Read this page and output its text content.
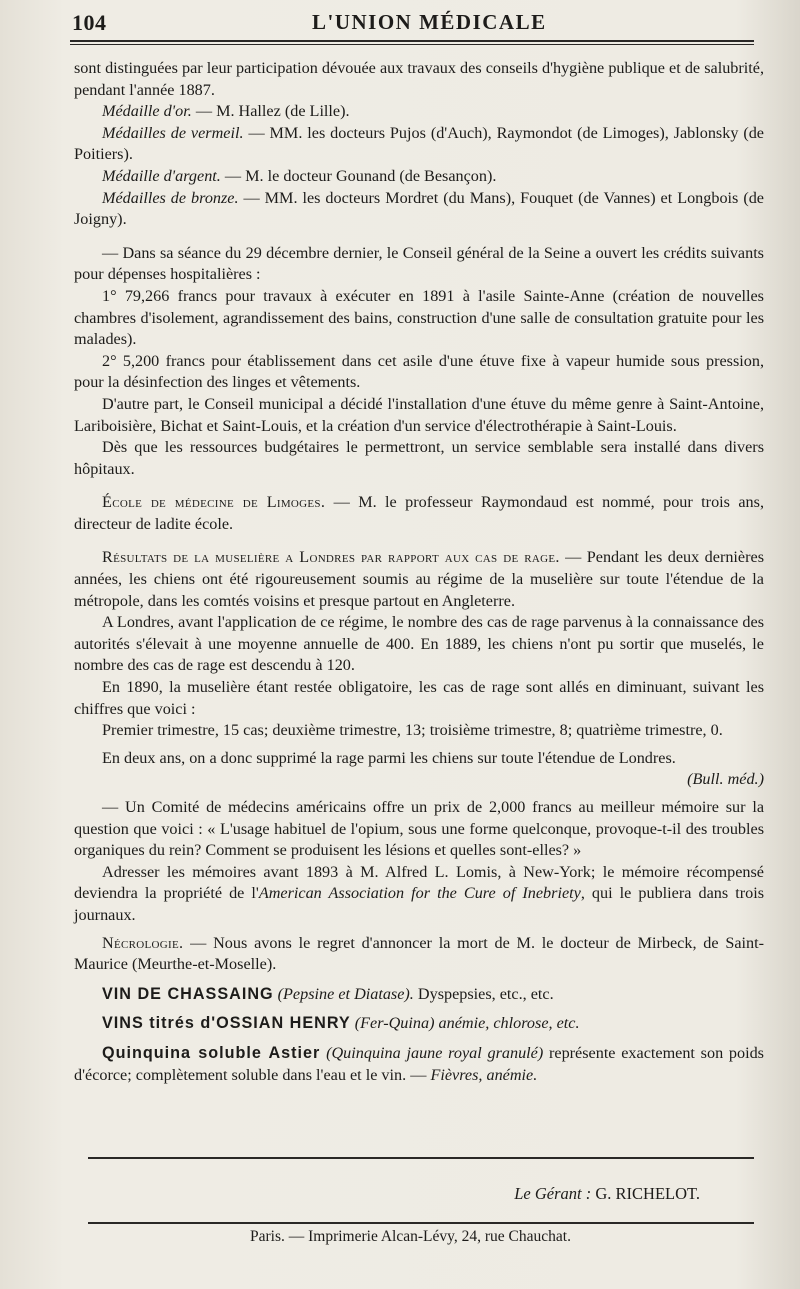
104	L'UNION MÉDICALE

sont distinguées par leur participation dévouée aux travaux des conseils d'hygiène publique et de salubrité, pendant l'année 1887.

Médaille d'or. — M. Hallez (de Lille).

Médailles de vermeil. — MM. les docteurs Pujos (d'Auch), Raymondot (de Limoges), Jablonsky (de Poitiers).

Médaille d'argent. — M. le docteur Gounand (de Besançon).

Médailles de bronze. — MM. les docteurs Mordret (du Mans), Fouquet (de Vannes) et Longbois (de Joigny).

— Dans sa séance du 29 décembre dernier, le Conseil général de la Seine a ouvert les crédits suivants pour dépenses hospitalières :

1° 79,266 francs pour travaux à exécuter en 1891 à l'asile Sainte-Anne (création de nouvelles chambres d'isolement, agrandissement des bains, construction d'une salle de consultation gratuite pour les malades).

2° 5,200 francs pour établissement dans cet asile d'une étuve fixe à vapeur humide sous pression, pour la désinfection des linges et vêtements.

D'autre part, le Conseil municipal a décidé l'installation d'une étuve du même genre à Saint-Antoine, Lariboisière, Bichat et Saint-Louis, et la création d'un service d'électrothérapie à Saint-Louis.

Dès que les ressources budgétaires le permettront, un service semblable sera installé dans divers hôpitaux.

École de médecine de Limoges. — M. le professeur Raymondaud est nommé, pour trois ans, directeur de ladite école.

Résultats de la muselière a Londres par rapport aux cas de rage. — Pendant les deux dernières années, les chiens ont été rigoureusement soumis au régime de la muselière sur toute l'étendue de la métropole, dans les comtés voisins et presque partout en Angleterre.

A Londres, avant l'application de ce régime, le nombre des cas de rage parvenus à la connaissance des autorités s'élevait à une moyenne annuelle de 400. En 1889, les chiens n'ont pu sortir que muselés, le nombre des cas de rage est descendu à 120.

En 1890, la muselière étant restée obligatoire, les cas de rage sont allés en diminuant, suivant les chiffres que voici :

Premier trimestre, 15 cas; deuxième trimestre, 13; troisième trimestre, 8; quatrième trimestre, 0.

En deux ans, on a donc supprimé la rage parmi les chiens sur toute l'étendue de Londres.

(Bull. méd.)

— Un Comité de médecins américains offre un prix de 2,000 francs au meilleur mémoire sur la question que voici : « L'usage habituel de l'opium, sous une forme quelconque, provoque-t-il des troubles organiques du rein? Comment se produisent les lésions et quelles sont-elles? »

Adresser les mémoires avant 1893 à M. Alfred L. Lomis, à New-York; le mémoire récompensé deviendra la propriété de l'American Association for the Cure of Inebriety, qui le publiera dans trois journaux.

Nécrologie. — Nous avons le regret d'annoncer la mort de M. le docteur de Mirbeck, de Saint-Maurice (Meurthe-et-Moselle).

VIN DE CHASSAING (Pepsine et Diatase). Dyspepsies, etc., etc.

VINS titrés d'OSSIAN HENRY (Fer-Quina) anémie, chlorose, etc.

Quinquina soluble Astier (Quinquina jaune royal granulé) représente exactement son poids d'écorce; complètement soluble dans l'eau et le vin. — Fièvres, anémie.

Le Gérant : G. RICHELOT.
Paris. — Imprimerie Alcan-Lévy, 24, rue Chauchat.
